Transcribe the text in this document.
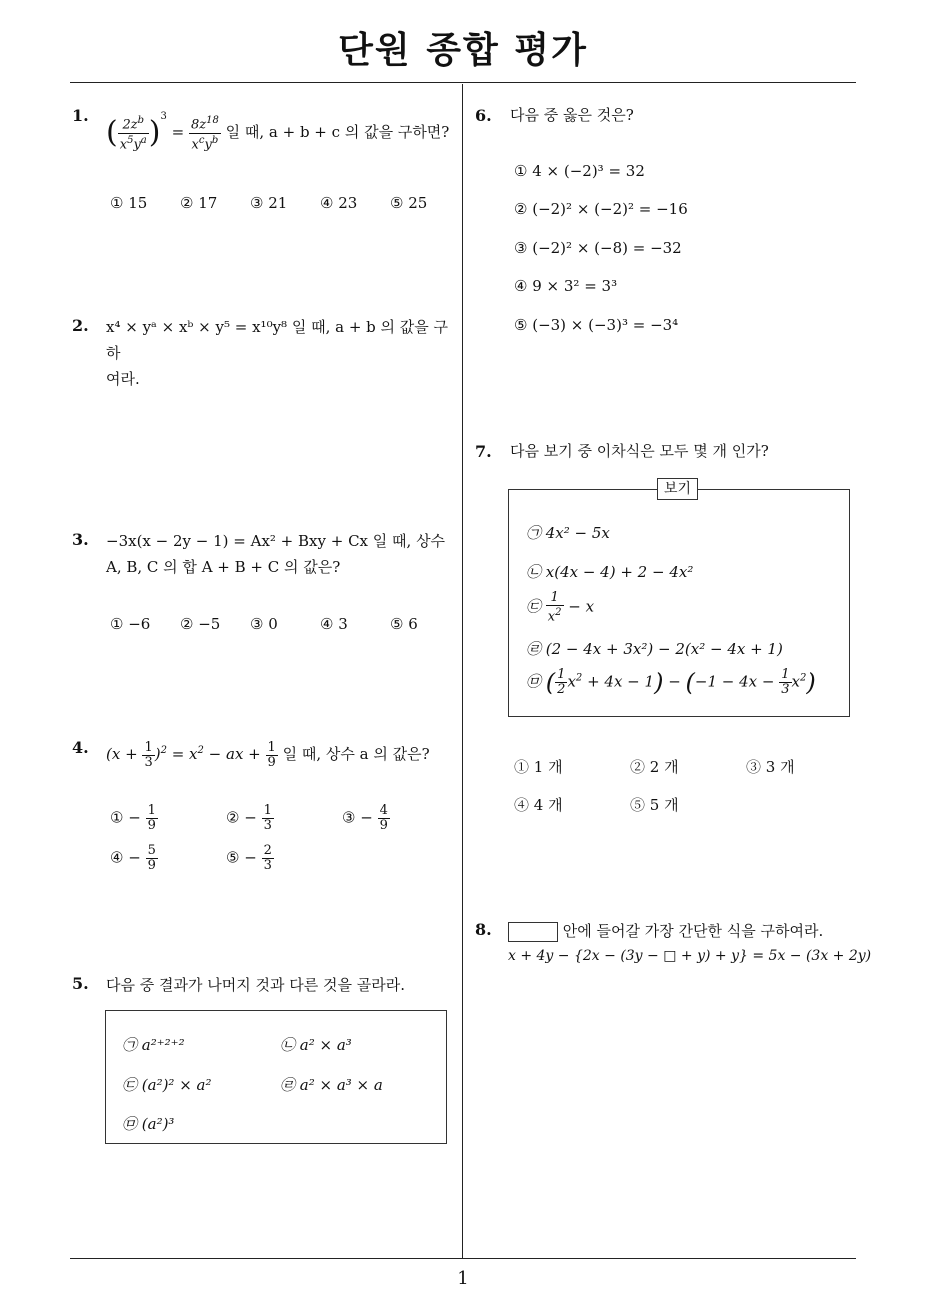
단원 종합 평가
1. ( $\frac{2z^b}{x^5y^a} )^3 = \frac{8z^{18}}{x^cy^b}$ 일 때, a + b + c 의 값을 구하면?
① 15 ② 17 ③ 21 ④ 23 ⑤ 25
2. x⁴ × yᵃ × xᵇ × y⁵ = x¹⁰y⁸ 일 때, a + b 의 값을 구하
여라.
3. −3x(x − 2y − 1) = Ax² + Bxy + Cx 일 때, 상수
A, B, C 의 합 A + B + C 의 값은?
① −6 ② −5 ③ 0	④ 3	⑤ 6
4. $(x + \frac{1}{3} )^2 = x^2$ − ax + $\frac{1}{9}$ 일 때, 상수 a 의 값은?
① − $\frac{1}{9}$	② − $\frac{1}{3}$	③ − $\frac{4}{9}$
④ − $\frac{5}{9}$	⑤ − $\frac{2}{3}$
5. 다음 중 결과가 나머지 것과 다른 것을 골라라.
㉠ a²⁺²⁺²	㉡ a² × a³
㉢ (a²)² × a²	㉣ a² × a³ × a
㉤ (a²)³
6. 다음 중 옳은 것은?
① 4 × (−2)³ = 32
② (−2)² × (−2)² = −16
③ (−2)² × (−8) = −32
④ 9 × 3² = 3³
⑤ (−3) × (−3)³ = −3⁴
7. 다음 보기 중 이차식은 모두 몇 개 인가?
보기
㉠ 4x² − 5x
㉡ x(4x − 4) + 2 − 4x²
㉢ $\frac{1}{x^2} - x$
㉣ (2 − 4x + 3x²) − 2(x² − 4x + 1)
㉤ ( $\frac{1}{2} x^2 + 4x - 1) - (-1 - 4x - \frac{1}{3} x^2)$
① 1 개	② 2 개	③ 3 개
④ 4 개	⑤ 5 개
8.	안에 들어갈 가장 간단한 식을 구하여라.
x + 4y − {2x − (3y − □ + y) + y} = 5x − (3x + 2y)
1
